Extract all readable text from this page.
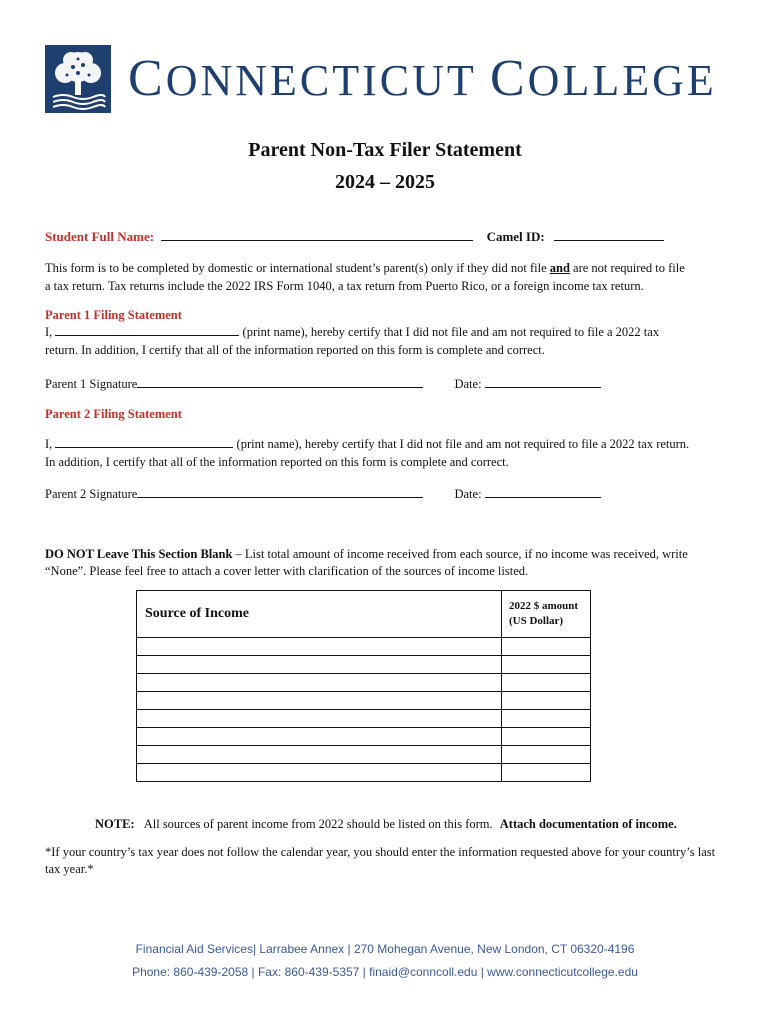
CONNECTICUT COLLEGE
Parent Non-Tax Filer Statement
2024 – 2025
Student Full Name:	Camel ID:
This form is to be completed by domestic or international student’s parent(s) only if they did not file and are not required to file
a tax return. Tax returns include the 2022 IRS Form 1040, a tax return from Puerto Rico, or a foreign income tax return.
Parent 1 Filing Statement
I,	(print name), hereby certify that I did not file and am not required to file a 2022 tax
return. In addition, I certify that all of the information reported on this form is complete and correct.
Parent 1 Signature	Date:
Parent 2 Filing Statement
I,	(print name), hereby certify that I did not file and am not required to file a 2022 tax return.
In addition, I certify that all of the information reported on this form is complete and correct.
Parent 2 Signature	Date:
DO NOT Leave This Section Blank – List total amount of income received from each source, if no income was received, write
“None”. Please feel free to attach a cover letter with clarification of the sources of income listed.
Source of Income	2022 $ amount
(US Dollar)

NOTE: All sources of parent income from 2022 should be listed on this form. Attach documentation of income.
*If your country’s tax year does not follow the calendar year, you should enter the information requested above for your country’s last
tax year.*
Financial Aid Services| Larrabee Annex | 270 Mohegan Avenue, New London, CT 06320-4196
Phone: 860-439-2058 | Fax: 860-439-5357 | finaid@conncoll.edu | www.connecticutcollege.edu
